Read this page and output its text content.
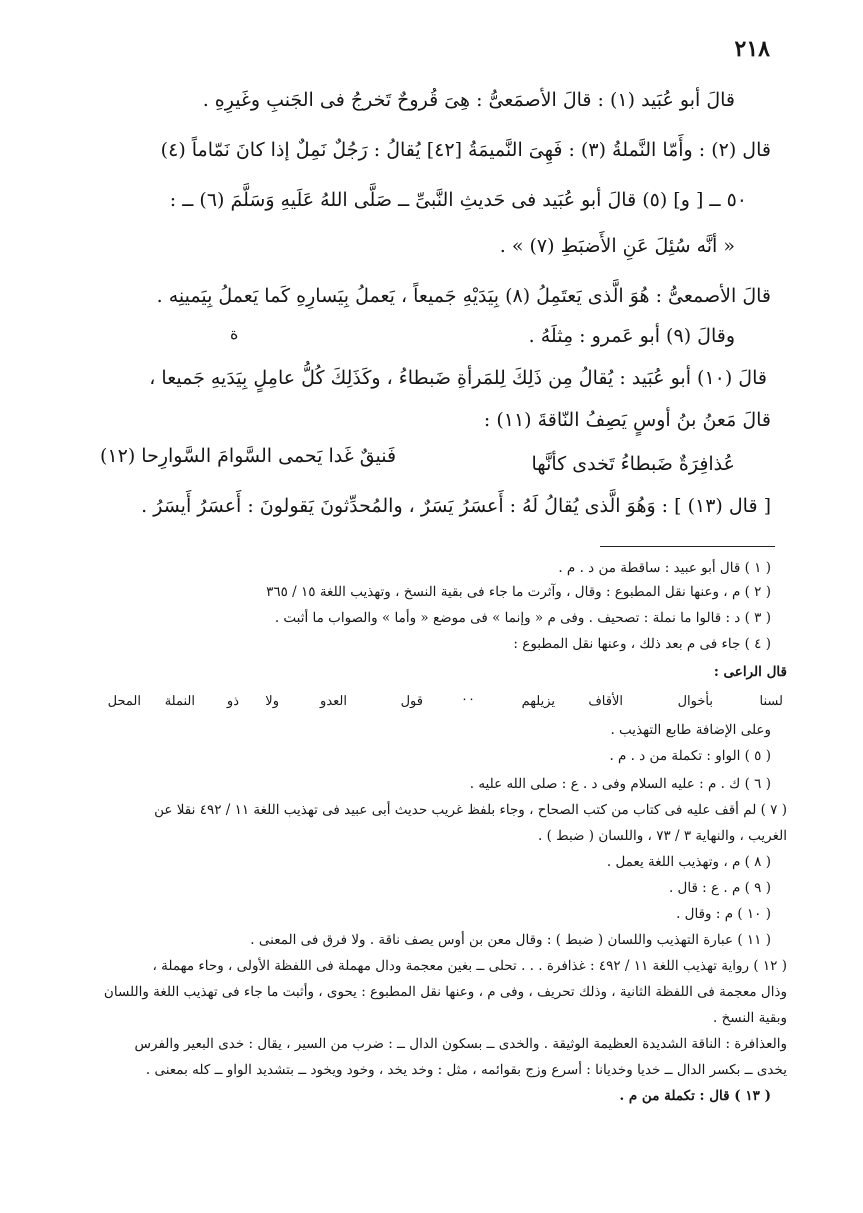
٢١٨
قالَ أبو عُبَيد (١) : قالَ الأصمَعىُّ : هِىَ قُروحٌ تَخرجُ فى الجَنبِ وغَيرِهِ .
قال (٢) : وأَمّا النَّملةُ (٣) : فَهِىَ النَّميمَةُ [٤٢] يُقالُ : رَجُلٌ نَمِلٌ إذا كانَ نَمّاماً (٤)
٥٠ ــ [ و] (٥) قالَ أبو عُبَيد فى حَديثِ النَّبىِّ ــ صَلَّى اللهُ عَلَيهِ وَسَلَّمَ (٦) ــ :
« أنَّه سُئِلَ عَنِ الأَضبَطِ (٧) » .
قالَ الأصمعىُّ : هُوَ الَّذى يَعتَمِلُ (٨) بِيَدَيْهِ جَميعاً ، يَعملُ بِيَسارِهِ كَما يَعملُ بِيَمينِه .
وقالَ (٩) أبو عَمرو : مِثلَهُ .
ة
قالَ (١٠) أبو عُبَيد : يُقالُ مِن ذَلِكَ لِلمَرأةِ ضَبطاءُ ، وكَذَلِكَ كُلُّ عامِلٍ بِيَدَيهِ جَميعا ،
قالَ مَعنُ بنُ أوسٍ يَصِفُ النّاقةَ (١١) :
عُذافِرَةٌ ضَبطاءُ تَخدى كأنَّها
فَنيقٌ غَدا يَحمى السَّوامَ السَّوارِحا (١٢)
[ قال (١٣) ] : وَهُوَ الَّذى يُقالُ لَهُ : أَعسَرُ يَسَرٌ ، والمُحدِّثونَ يَقولونَ : أَعسَرُ أَيسَرُ .
( ١ ) قال أبو عبيد : ساقطة من د . م .
( ٢ ) م ، وعنها نقل المطبوع : وقال ، وآثرت ما جاء فى بقية النسخ ، وتهذيب اللغة ١٥ / ٣٦٥
( ٣ ) د : قالوا ما نملة : تصحيف . وفى م « وإنما » فى موضع « وأما » والصواب ما أثبت .
( ٤ ) جاء فى م بعد ذلك ، وعنها نقل المطبوع :
قال الراعى :
لسنا
بأخوال
الأقاف
يزيلهم
٠٠
قول
العدو
ولا
ذو
النملة
المحل
وعلى الإضافة طابع التهذيب .
( ٥ ) الواو : تكملة من د . م .
( ٦ ) ك . م : عليه السلام وفى د . ع : صلى الله عليه .
( ٧ ) لم أقف عليه فى كتاب من كتب الصحاح ، وجاء بلفظ غريب حديث أبى عبيد فى تهذيب اللغة ١١ / ٤٩٢ نقلا عن
الغريب ، والنهاية ٣ / ٧٣ ، واللسان ( ضبط ) .
( ٨ ) م ، وتهذيب اللغة يعمل .
( ٩ ) م . ع : قال .
( ١٠ ) م : وقال .
( ١١ ) عبارة التهذيب واللسان ( ضبط ) : وقال معن بن أوس يصف ناقة . ولا فرق فى المعنى .
( ١٢ ) رواية تهذيب اللغة ١١ / ٤٩٢ : غذافرة . . . تحلى ــ بغين معجمة ودال مهملة فى اللفظة الأولى ، وحاء مهملة ،
وذال معجمة فى اللفظة الثانية ، وذلك تحريف ، وفى م ، وعنها نقل المطبوع : يحوى ، وأثبت ما جاء فى تهذيب اللغة واللسان
وبقية النسخ .
والعذافرة : الناقة الشديدة العظيمة الوثيقة . والخدى ــ بسكون الدال ــ : ضرب من السير ، يقال : خدى البعير والفرس
يخدى ــ بكسر الدال ــ خديا وخديانا : أسرع وزج بقوائمه ، مثل : وخد يخد ، وخود ويخود ــ بتشديد الواو ــ كله بمعنى .
( ١٣ ) قال : تكملة من م .
